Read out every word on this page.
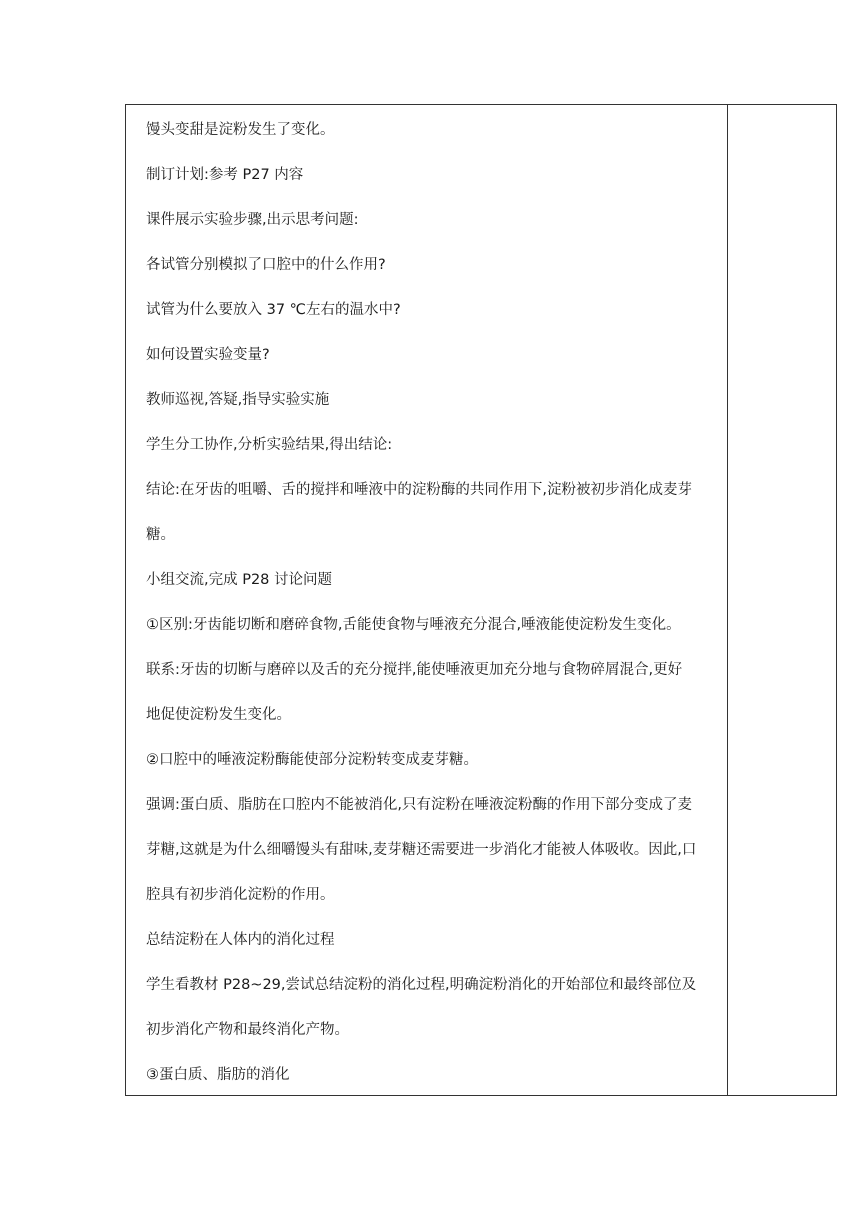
馒头变甜是淀粉发生了变化。
制订计划:参考 P27 内容
课件展示实验步骤,出示思考问题:
各试管分别模拟了口腔中的什么作用?
试管为什么要放入 37 ℃左右的温水中?
如何设置实验变量?
教师巡视,答疑,指导实验实施
学生分工协作,分析实验结果,得出结论:
结论:在牙齿的咀嚼、舌的搅拌和唾液中的淀粉酶的共同作用下,淀粉被初步消化成麦芽
糖。
小组交流,完成 P28 讨论问题
①区别:牙齿能切断和磨碎食物,舌能使食物与唾液充分混合,唾液能使淀粉发生变化。
联系:牙齿的切断与磨碎以及舌的充分搅拌,能使唾液更加充分地与食物碎屑混合,更好
地促使淀粉发生变化。
②口腔中的唾液淀粉酶能使部分淀粉转变成麦芽糖。
强调:蛋白质、脂肪在口腔内不能被消化,只有淀粉在唾液淀粉酶的作用下部分变成了麦
芽糖,这就是为什么细嚼馒头有甜味,麦芽糖还需要进一步消化才能被人体吸收。因此,口
腔具有初步消化淀粉的作用。
总结淀粉在人体内的消化过程
学生看教材 P28~29,尝试总结淀粉的消化过程,明确淀粉消化的开始部位和最终部位及
初步消化产物和最终消化产物。
③蛋白质、脂肪的消化
